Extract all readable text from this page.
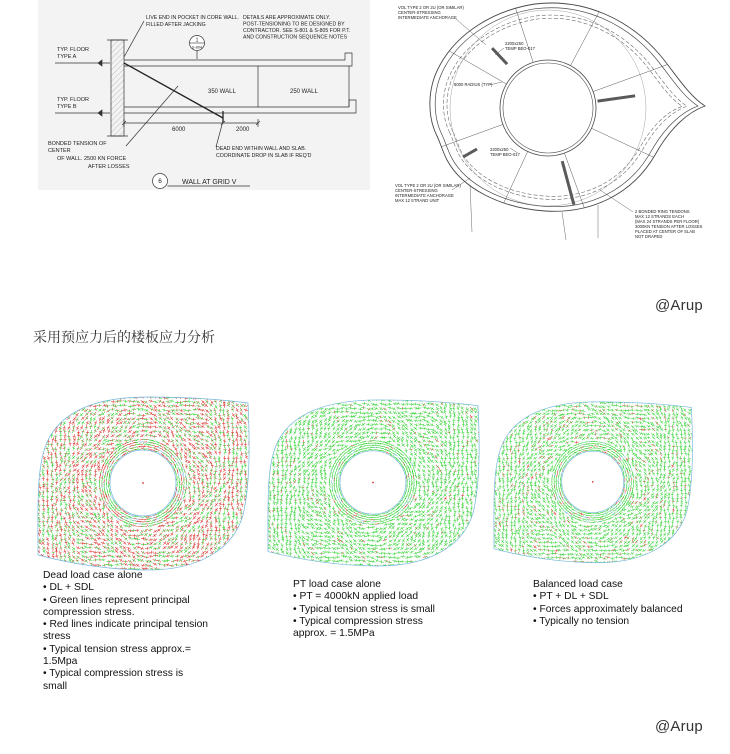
LIVE END IN POCKET IN CORE WALL. FILLED AFTER JACKING
DETAILS ARE APPROXIMATE ONLY. POST-TENSIONING TO BE DESIGNED BY CONTRACTOR. SEE S-801 & S-805 FOR P.T. AND CONSTRUCTION SEQUENCE NOTES
1
S-804
TYP. FLOOR TYPE A
TYP. FLOOR TYPE B
350 WALL	250 WALL
6000	2000
BONDED TENSION OF CENTER OF WALL. 2500 KN FORCE AFTER LOSSES
DEAD END WITHIN WALL AND SLAB. COORDINATE DROP IN SLAB IF REQ'D
6	WALL AT GRID V
VOL TYPE 2 OR 2U (OR SIMILAR) CENTER-STRESSING INTERMEDIATE ANCHORAGE
2200x250 TEMP BEO-017
8000 RADIUS (TYP)
2200x250 TEMP BEO-017
VOL TYPE 2 OR 2U (OR SIMILAR) CENTER-STRESSING INTERMEDIATE ANCHORAGE MAX 12 STRAND UNIT
2 BONDED RING TENDONS MAX 12 STRANDS EACH (MAX 24 STRANDS PER FLOOR) 3000KN TENSION AFTER LOSSES PLACED AT CENTER OF SLAB NOT DRAPED
@Arup
采用预应力后的楼板应力分析
Dead load case alone
• DL + SDL
• Green lines represent principal
compression stress.
• Red lines indicate principal tension
stress
• Typical tension stress approx.=
1.5Mpa
• Typical compression stress is
small
PT load case alone
• PT = 4000kN applied load
• Typical tension stress is small
• Typical compression stress
approx. = 1.5MPa
Balanced load case
• PT + DL + SDL
• Forces approximately balanced
• Typically no tension
@Arup
